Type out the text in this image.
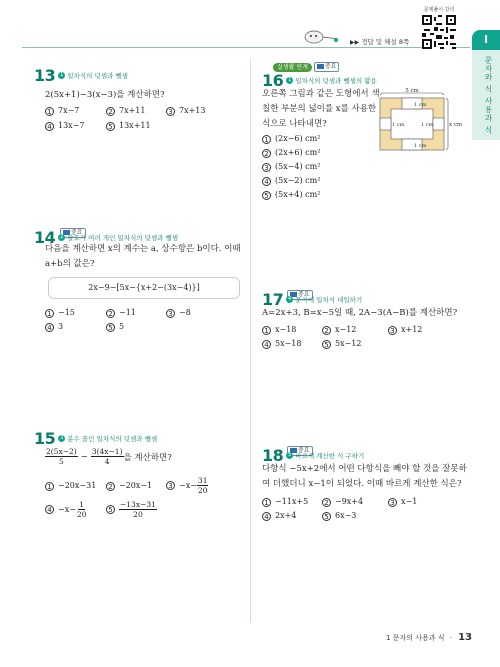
▶▶ 정답 및 해설 8쪽
문제풀이 강의
I
문자와 식 사용과 식
13 1 일차식의 덧셈과 뺄셈
2(5x+1)−3(x−3)을 계산하면?
1 7x−7	2 7x+11	3 7x+13
4 13x−7	5 13x+11
중요
14 2 괄호가 여러 개인 일차식의 덧셈과 뺄셈
다음을 계산하면 x의 계수는 a, 상수항은 b이다. 이때
a+b의 값은?
2x−9−[5x−{x+2−(3x−4)}]
1 −15	2 −11	3 −8
4 3	5 5
15 3 분수 꼴인 일차식의 덧셈과 뺄셈
$\frac{2(5x-2)}{5} - \frac{3(4x-1)}{4}$ 을 계산하면?
1 −20x−31	2 −20x−1	$3 -x- \frac{31}{20}$
$4 -x- \frac{1}{20}$	$5 \frac{-13x-31}{20}$
실생활 연계	중요
16 1 일차식의 덧셈과 뺄셈의 활용
오른쪽 그림과 같은 도형에서 색
칠한 부분의 넓이를 x를 사용한
식으로 나타내면?
5 cm
1 cm
1 cm	1 cm
1 cm
x cm
1 (2x−6) cm²
2 (2x+6) cm²
3 (5x−4) cm²
4 (5x−2) cm²
5 (5x+4) cm²
중요
17 4 문자에 일차식 대입하기
A=2x+3, B=x−5일 때, 2A−3(A−B)를 계산하면?
1 x−18	2 x−12	3 x+12
4 5x−18	5 5x−12
중요
18 5 바르게 계산한 식 구하기
다항식 −5x+2에서 어떤 다항식을 빼야 할 것을 잘못하
여 더했더니 x−1이 되었다. 이때 바르게 계산한 식은?
1 −11x+5	2 −9x+4	3 x−1
4 2x+4	5 6x−3
1 문자의 사용과 식 · 13
